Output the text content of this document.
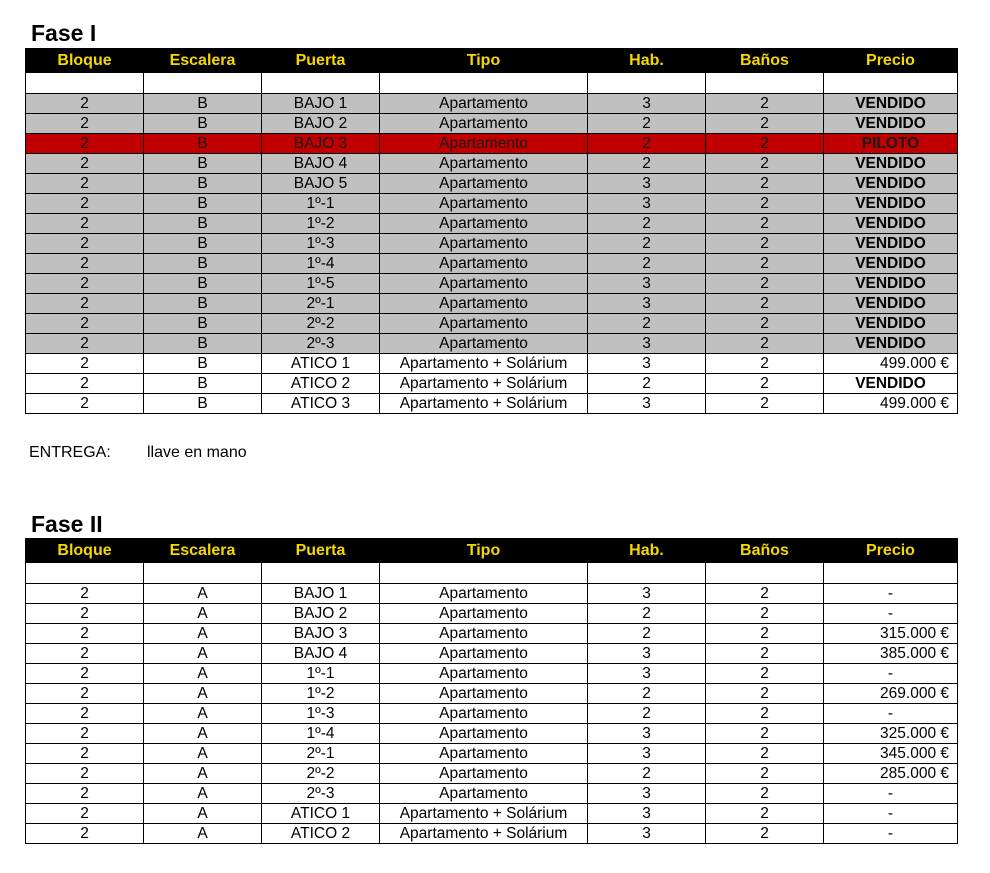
Fase I
Bloque	Escalera	Puerta	Tipo	Hab.	Baños	Precio

2	B	BAJO 1	Apartamento	3	2	VENDIDO
2	B	BAJO 2	Apartamento	2	2	VENDIDO
2	B	BAJO 3	Apartamento	2	2	PILOTO
2	B	BAJO 4	Apartamento	2	2	VENDIDO
2	B	BAJO 5	Apartamento	3	2	VENDIDO
2	B	1º-1	Apartamento	3	2	VENDIDO
2	B	1º-2	Apartamento	2	2	VENDIDO
2	B	1º-3	Apartamento	2	2	VENDIDO
2	B	1º-4	Apartamento	2	2	VENDIDO
2	B	1º-5	Apartamento	3	2	VENDIDO
2	B	2º-1	Apartamento	3	2	VENDIDO
2	B	2º-2	Apartamento	2	2	VENDIDO
2	B	2º-3	Apartamento	3	2	VENDIDO
2	B	ATICO 1	Apartamento + Solárium	3	2	499.000 €
2	B	ATICO 2	Apartamento + Solárium	2	2	VENDIDO
2	B	ATICO 3	Apartamento + Solárium	3	2	499.000 €
ENTREGA: llave en mano
Fase II
Bloque	Escalera	Puerta	Tipo	Hab.	Baños	Precio

2	A	BAJO 1	Apartamento	3	2	-
2	A	BAJO 2	Apartamento	2	2	-
2	A	BAJO 3	Apartamento	2	2	315.000 €
2	A	BAJO 4	Apartamento	3	2	385.000 €
2	A	1º-1	Apartamento	3	2	-
2	A	1º-2	Apartamento	2	2	269.000 €
2	A	1º-3	Apartamento	2	2	-
2	A	1º-4	Apartamento	3	2	325.000 €
2	A	2º-1	Apartamento	3	2	345.000 €
2	A	2º-2	Apartamento	2	2	285.000 €
2	A	2º-3	Apartamento	3	2	-
2	A	ATICO 1	Apartamento + Solárium	3	2	-
2	A	ATICO 2	Apartamento + Solárium	3	2	-
